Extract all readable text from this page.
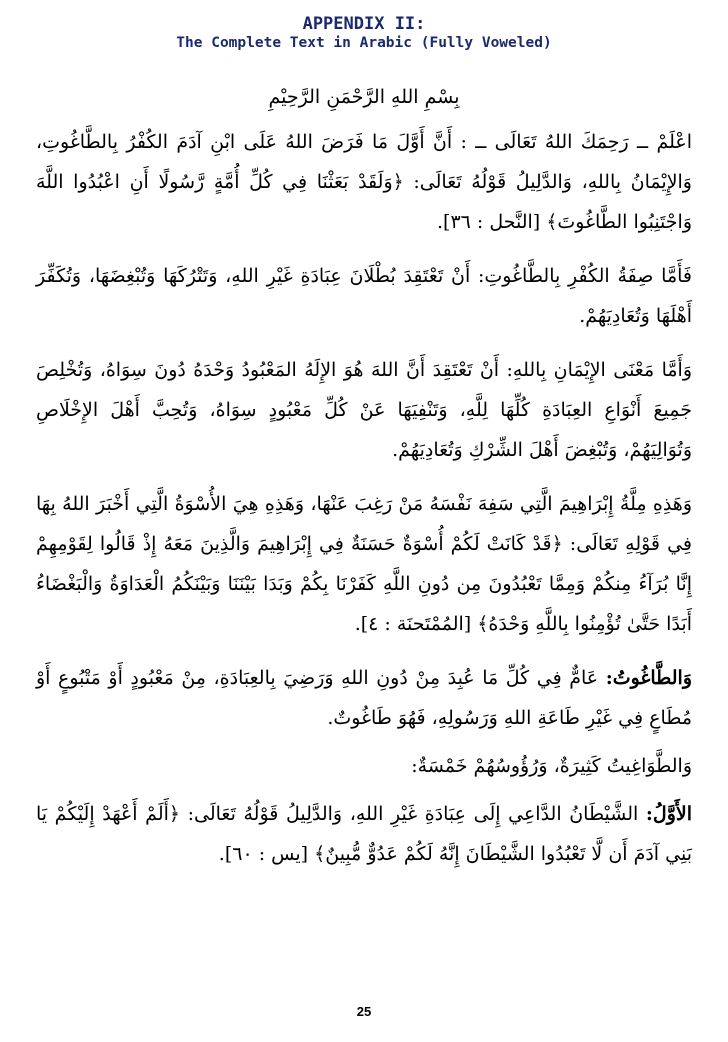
APPENDIX II:
The Complete Text in Arabic (Fully Voweled)
بِسْمِ اللهِ الرَّحْمَنِ الرَّحِيْمِ

اعْلَمْ ــ رَحِمَكَ اللهُ تَعَالَى ــ : أَنَّ أَوَّلَ مَا فَرَضَ اللهُ عَلَى ابْنِ آدَمَ الكُفْرُ بِالطَّاغُوتِ، وَالإِيْمَانُ بِاللهِ، وَالدَّلِيلُ قَوْلُهُ تَعَالَى: ﴿وَلَقَدْ بَعَثْنَا فِي كُلِّ أُمَّةٍ رَّسُولًا أَنِ اعْبُدُوا اللَّهَ وَاجْتَنِبُوا الطَّاغُوتَ﴾ [النَّحل : ٣٦].

فَأَمَّا صِفَةُ الكُفْرِ بِالطَّاغُوتِ: أَنْ تَعْتَقِدَ بُطْلَانَ عِبَادَةِ غَيْرِ اللهِ، وَتَتْرُكَهَا وَتُبْغِضَهَا، وَتُكَفِّرَ أَهْلَهَا وَتُعَادِيَهُمْ.

وَأَمَّا مَعْنَى الإِيْمَانِ بِاللهِ: أَنْ تَعْتَقِدَ أَنَّ اللهَ هُوَ الإِلَهُ المَعْبُودُ وَحْدَهُ دُونَ سِوَاهُ، وَتُخْلِصَ جَمِيعَ أَنْوَاعِ العِبَادَةِ كُلِّهَا لِلَّهِ، وَتَنْفِيَهَا عَنْ كُلِّ مَعْبُودٍ سِوَاهُ، وَتُحِبَّ أَهْلَ الإِخْلَاصِ وَتُوَالِيَهُمْ، وَتُبْغِضَ أَهْلَ الشِّرْكِ وَتُعَادِيَهُمْ.

وَهَذِهِ مِلَّةُ إِبْرَاهِيمَ الَّتِي سَفِهَ نَفْسَهُ مَنْ رَغِبَ عَنْهَا، وَهَذِهِ هِيَ الأُسْوَةُ الَّتِي أَخْبَرَ اللهُ بِهَا فِي قَوْلِهِ تَعَالَى: ﴿قَدْ كَانَتْ لَكُمْ أُسْوَةٌ حَسَنَةٌ فِي إِبْرَاهِيمَ وَالَّذِينَ مَعَهُ إِذْ قَالُوا لِقَوْمِهِمْ إِنَّا بُرَآءُ مِنكُمْ وَمِمَّا تَعْبُدُونَ مِن دُونِ اللَّهِ كَفَرْنَا بِكُمْ وَبَدَا بَيْنَنَا وَبَيْنَكُمُ الْعَدَاوَةُ وَالْبَغْضَاءُ أَبَدًا حَتَّىٰ تُؤْمِنُوا بِاللَّهِ وَحْدَهُ﴾ [المُمْتَحنَة : ٤].

وَالطَّاغُوتُ: عَامٌّ فِي كُلِّ مَا عُبِدَ مِنْ دُونِ اللهِ وَرَضِيَ بِالعِبَادَةِ، مِنْ مَعْبُودٍ أَوْ مَتْبُوعٍ أَوْ مُطَاعٍ فِي غَيْرِ طَاعَةِ اللهِ وَرَسُولِهِ، فَهُوَ طَاغُوتٌ.

وَالطَّوَاغِيتُ كَثِيرَةٌ، وَرُؤُوسُهُمْ خَمْسَةٌ:

الأَوَّلُ: الشَّيْطَانُ الدَّاعِي إِلَى عِبَادَةِ غَيْرِ اللهِ، وَالدَّلِيلُ قَوْلُهُ تَعَالَى: ﴿أَلَمْ أَعْهَدْ إِلَيْكُمْ يَا بَنِي آدَمَ أَن لَّا تَعْبُدُوا الشَّيْطَانَ إِنَّهُ لَكُمْ عَدُوٌّ مُّبِينٌ﴾ [يس : ٦٠].

25
